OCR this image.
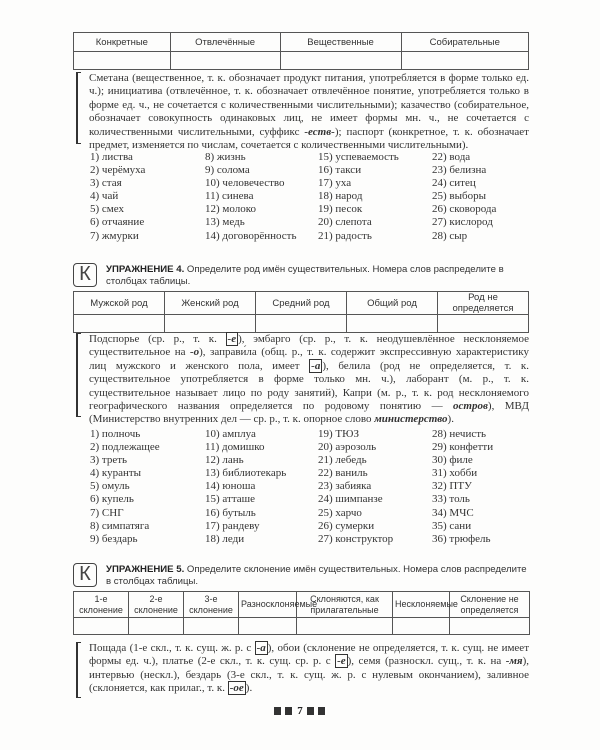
Конкретные	Отвлечённые	Вещественные	Собирательные

Сметана (вещественное, т. к. обозначает продукт питания, употребляется в форме только ед. ч.); инициатива (отвлечённое, т. к. обозначает отвлечённое понятие, употребляется только в форме ед. ч., не сочетается с количественными числительными); казачество (собирательное, обозначает совокупность одинаковых лиц, не имеет формы мн. ч., не сочетается с количественными числительными, суффикс -еств-); паспорт (конкретное, т. к. обозначает предмет, изменяется по числам, сочетается с количественными числительными).
1) листва
2) черёмуха
3) стая
4) чай
5) смех
6) отчаяние
7) жмурки
8) жизнь
9) солома
10) человечество
11) синева
12) молоко
13) медь
14) договорённость
15) успеваемость
16) такси
17) уха
18) народ
19) песок
20) слепота
21) радость
22) вода
23) белизна
24) ситец
25) выборы
26) сковорода
27) кислород
28) сыр
К	УПРАЖНЕНИЕ 4. Определите род имён существительных. Номера слов распределите в столбцах таблицы.
Мужской род	Женский род	Средний род	Общий род	Род не определяется

Подспорье (ср. р., т. к. -е ), эмбарго (ср. р., т. к. неодушевлённое несклоняемое существительное на -о), заправи́ла (общ. р., т. к. содержит экспрессивную характеристику лиц мужского и женского пола, имеет -а ), белила (род не определяется, т. к. существительное употребляется в форме только мн. ч.), лаборант (м. р., т. к. существительное называет лицо по роду занятий), Капри (м. р., т. к. род несклоняемого географического названия определяется по родовому понятию — остров), МВД (Министерство внутренних дел — ср. р., т. к. опорное слово министерство).
1) полночь
2) подлежащее
3) треть
4) куранты
5) омуль
6) купель
7) СНГ
8) симпатяга
9) бездарь
10) амплуа
11) домишко
12) лань
13) библиотекарь
14) юноша
15) атташе
16) бутыль
17) рандеву
18) леди
19) ТЮЗ
20) аэрозоль
21) лебедь
22) ваниль
23) забияка
24) шимпанзе
25) харчо
26) сумерки
27) конструктор
28) нечисть
29) конфетти
30) филе
31) хобби
32) ПТУ
33) толь
34) МЧС
35) сани
36) трюфель
К	УПРАЖНЕНИЕ 5. Определите склонение имён существительных. Номера слов распределите в столбцах таблицы.
1-е склонение	2-е склонение	3-е склонение	Разносклоняемые	Склоняются, как прилагательные	Несклоняемые	Склонение не определяется

Пощада (1-е скл., т. к. сущ. ж. р. с -а ), обои (склонение не определяется, т. к. сущ. не имеет формы ед. ч.), платье (2-е скл., т. к. сущ. ср. р. с -е ), семя (разноскл. сущ., т. к. на -мя), интервью (нескл.), бездарь (3-е скл., т. к. сущ. ж. р. с нулевым окончанием), заливное (склоняется, как прилаг., т. к. -ое ).
7
